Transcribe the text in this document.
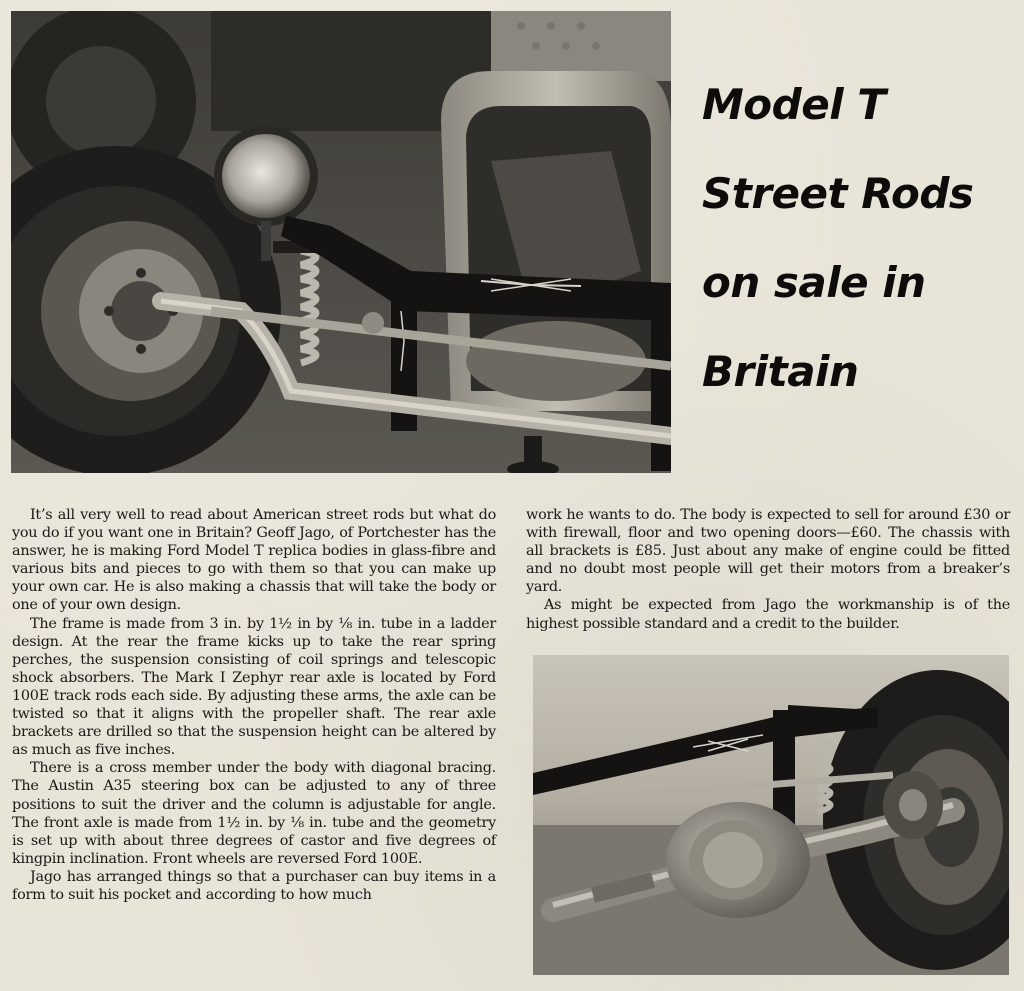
Model T
Street Rods
on sale in
Britain

It’s all very well to read about American street rods but what do you do if you want one in Britain? Geoff Jago, of Portchester has the answer, he is making Ford Model T replica bodies in glass-fibre and various bits and pieces to go with them so that you can make up your own car. He is also making a chassis that will take the body or one of your own design.

The frame is made from 3 in. by 1½ in by ⅛ in. tube in a ladder design. At the rear the frame kicks up to take the rear spring perches, the suspension consisting of coil springs and telescopic shock absorbers. The Mark I Zephyr rear axle is located by Ford 100E track rods each side. By adjusting these arms, the axle can be twisted so that it aligns with the propeller shaft. The rear axle brackets are drilled so that the suspension height can be altered by as much as five inches.

There is a cross member under the body with diagonal bracing. The Austin A35 steering box can be adjusted to any of three positions to suit the driver and the column is adjustable for angle. The front axle is made from 1½ in. by ⅛ in. tube and the geometry is set up with about three degrees of castor and five degrees of kingpin inclination. Front wheels are reversed Ford 100E.

Jago has arranged things so that a purchaser can buy items in a form to suit his pocket and according to how much

work he wants to do. The body is expected to sell for around £30 or with firewall, floor and two opening doors—£60. The chassis with all brackets is £85. Just about any make of engine could be fitted and no doubt most people will get their motors from a breaker’s yard.

As might be expected from Jago the workmanship is of the highest possible standard and a credit to the builder.
